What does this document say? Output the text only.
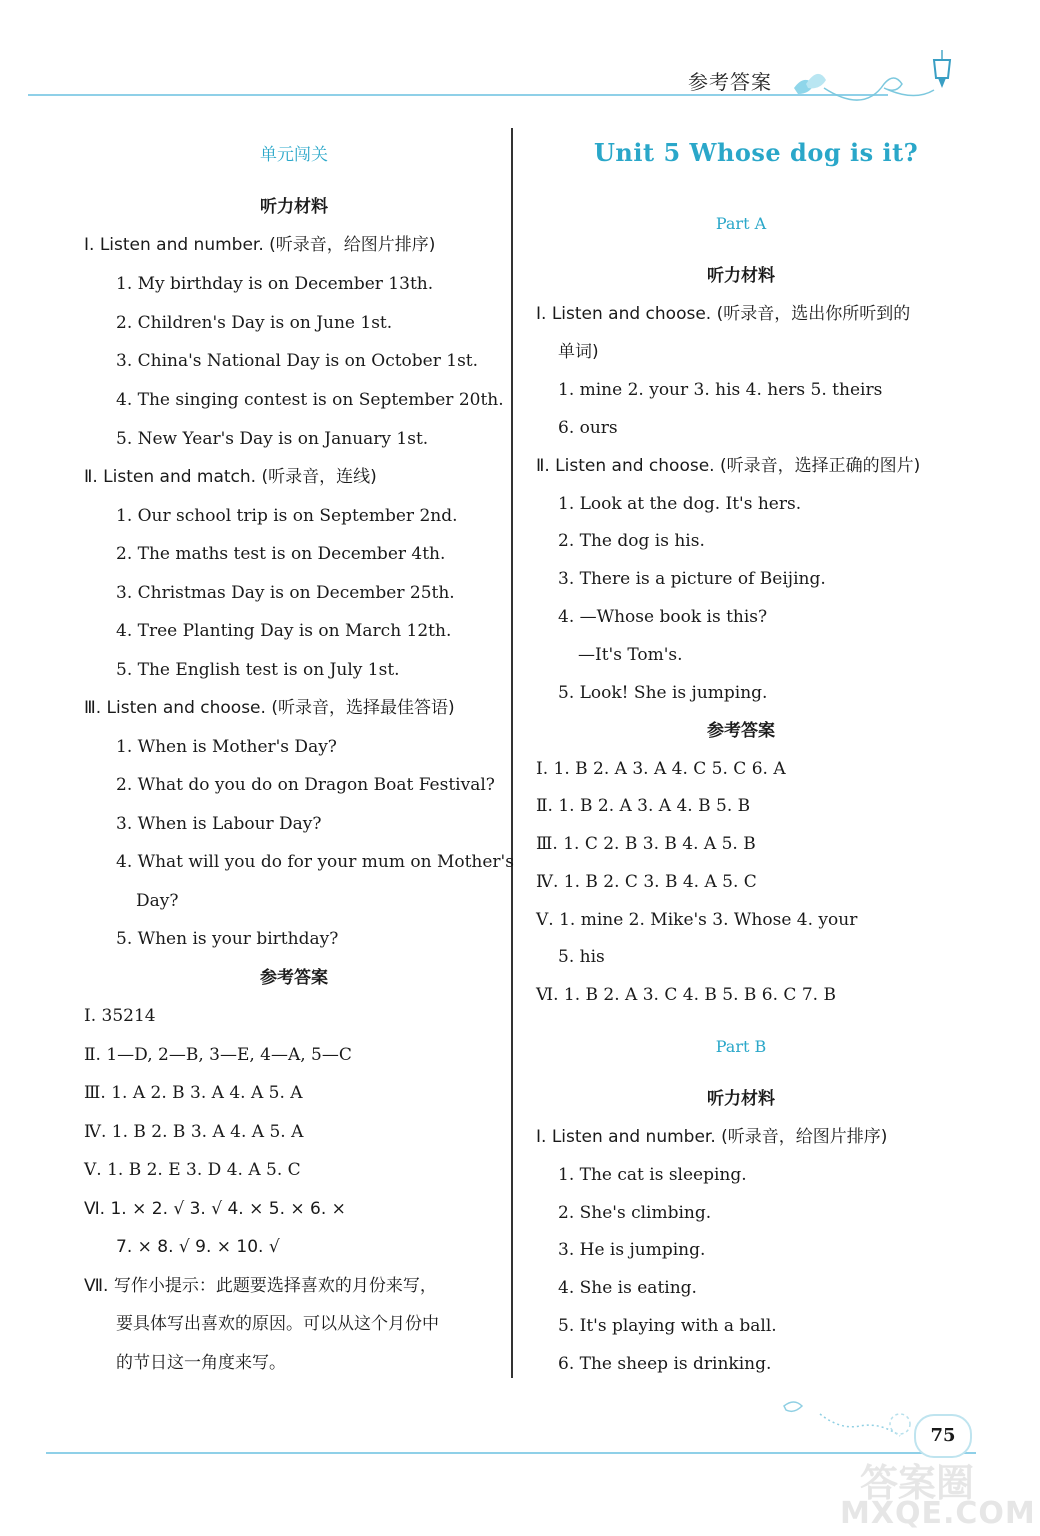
参考答案
单元闯关
听力材料
Ⅰ. Listen and number. (听录音，给图片排序)
1. My birthday is on December 13th.
2. Children's Day is on June 1st.
3. China's National Day is on October 1st.
4. The singing contest is on September 20th.
5. New Year's Day is on January 1st.
Ⅱ. Listen and match. (听录音，连线)
1. Our school trip is on September 2nd.
2. The maths test is on December 4th.
3. Christmas Day is on December 25th.
4. Tree Planting Day is on March 12th.
5. The English test is on July 1st.
Ⅲ. Listen and choose. (听录音，选择最佳答语)
1. When is Mother's Day?
2. What do you do on Dragon Boat Festival?
3. When is Labour Day?
4. What will you do for your mum on Mother's
Day?
5. When is your birthday?
参考答案
Ⅰ. 35214
Ⅱ. 1—D, 2—B, 3—E, 4—A, 5—C
Ⅲ. 1. A 2. B 3. A 4. A 5. A
Ⅳ. 1. B 2. B 3. A 4. A 5. A
Ⅴ. 1. B 2. E 3. D 4. A 5. C
Ⅵ. 1. × 2. √ 3. √ 4. × 5. × 6. ×
7. × 8. √ 9. × 10. √
Ⅶ. 写作小提示：此题要选择喜欢的月份来写，
要具体写出喜欢的原因。可以从这个月份中
的节日这一角度来写。
Unit 5 Whose dog is it?
Part A
听力材料
Ⅰ. Listen and choose. (听录音，选出你所听到的
单词)
1. mine 2. your 3. his 4. hers 5. theirs
6. ours
Ⅱ. Listen and choose. (听录音，选择正确的图片)
1. Look at the dog. It's hers.
2. The dog is his.
3. There is a picture of Beijing.
4. —Whose book is this?
—It's Tom's.
5. Look! She is jumping.
参考答案
Ⅰ. 1. B 2. A 3. A 4. C 5. C 6. A
Ⅱ. 1. B 2. A 3. A 4. B 5. B
Ⅲ. 1. C 2. B 3. B 4. A 5. B
Ⅳ. 1. B 2. C 3. B 4. A 5. C
Ⅴ. 1. mine 2. Mike's 3. Whose 4. your
5. his
Ⅵ. 1. B 2. A 3. C 4. B 5. B 6. C 7. B
Part B
听力材料
Ⅰ. Listen and number. (听录音，给图片排序)
1. The cat is sleeping.
2. She's climbing.
3. He is jumping.
4. She is eating.
5. It's playing with a ball.
6. The sheep is drinking.
75
答案圈
MXQE.COM
